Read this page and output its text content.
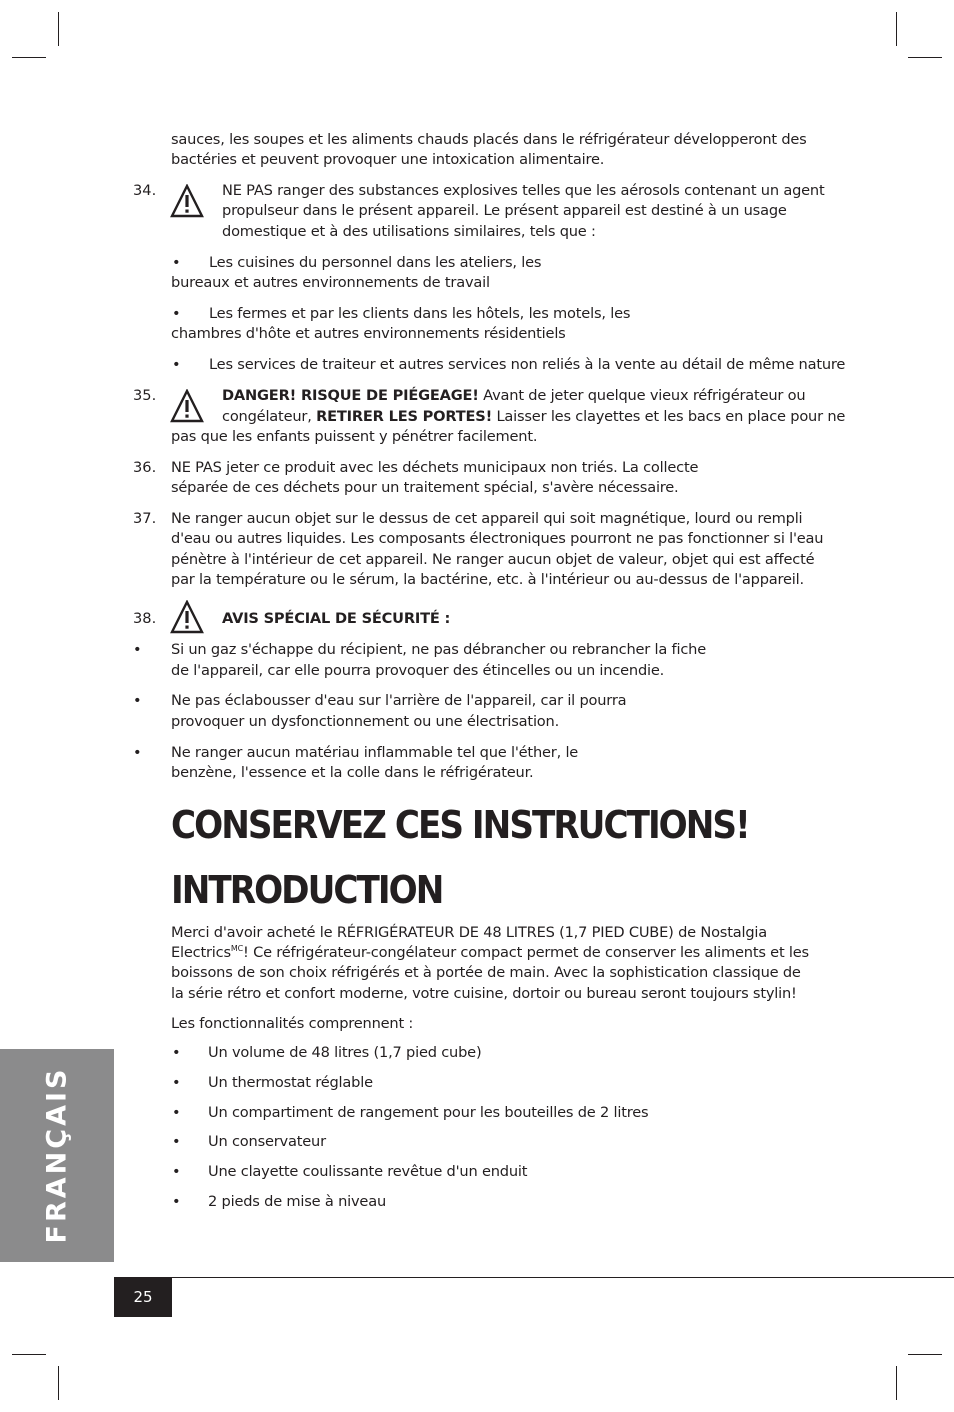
sauces, les soupes et les aliments chauds placés dans le réfrigérateur développeront des
bactéries et peuvent provoquer une intoxication alimentaire.
34.	NE PAS ranger des substances explosives telles que les aérosols contenant un agent
propulseur dans le présent appareil. Le présent appareil est destiné à un usage
domestique et à des utilisations similaires, tels que :
• Les cuisines du personnel dans les ateliers, les
bureaux et autres environnements de travail
• Les fermes et par les clients dans les hôtels, les motels, les
chambres d'hôte et autres environnements résidentiels
• Les services de traiteur et autres services non reliés à la vente au détail de même nature
35.	DANGER! RISQUE DE PIÉGEAGE! Avant de jeter quelque vieux réfrigérateur ou
congélateur, RETIRER LES PORTES! Laisser les clayettes et les bacs en place pour ne
pas que les enfants puissent y pénétrer facilement.
36. NE PAS jeter ce produit avec les déchets municipaux non triés. La collecte
séparée de ces déchets pour un traitement spécial, s'avère nécessaire.
37. Ne ranger aucun objet sur le dessus de cet appareil qui soit magnétique, lourd ou rempli
d'eau ou autres liquides. Les composants électroniques pourront ne pas fonctionner si l'eau
pénètre à l'intérieur de cet appareil. Ne ranger aucun objet de valeur, objet qui est affecté
par la température ou le sérum, la bactérine, etc. à l'intérieur ou au-dessus de l'appareil.
38.	AVIS SPÉCIAL DE SÉCURITÉ :
• Si un gaz s'échappe du récipient, ne pas débrancher ou rebrancher la fiche
de l'appareil, car elle pourra provoquer des étincelles ou un incendie.
• Ne pas éclabousser d'eau sur l'arrière de l'appareil, car il pourra
provoquer un dysfonctionnement ou une électrisation.
• Ne ranger aucun matériau inflammable tel que l'éther, le
benzène, l'essence et la colle dans le réfrigérateur.
CONSERVEZ CES INSTRUCTIONS!
INTRODUCTION
Merci d'avoir acheté le RÉFRIGÉRATEUR DE 48 LITRES (1,7 PIED CUBE) de Nostalgia
Electrics$^{MC}$! Ce réfrigérateur-congélateur compact permet de conserver les aliments et les
boissons de son choix réfrigérés et à portée de main. Avec la sophistication classique de
la série rétro et confort moderne, votre cuisine, dortoir ou bureau seront toujours stylin!
Les fonctionnalités comprennent :
• Un volume de 48 litres (1,7 pied cube)
• Un thermostat réglable
• Un compartiment de rangement pour les bouteilles de 2 litres
• Un conservateur
• Une clayette coulissante revêtue d'un enduit
• 2 pieds de mise à niveau
FRANÇAIS
25
